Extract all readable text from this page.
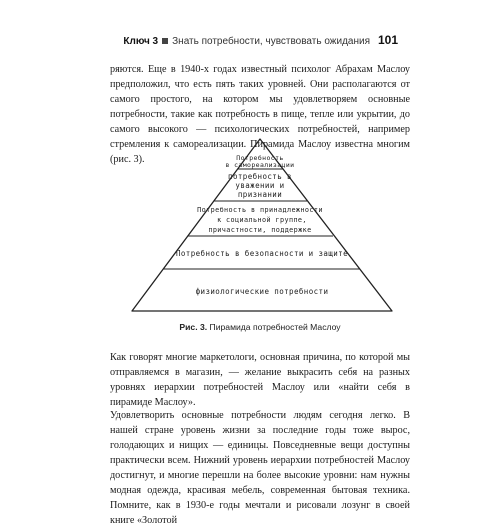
Ключ 3 Знать потребности, чувствовать ожидания 101
ряются. Еще в 1940-х годах известный психолог Абрахам Маслоу предположил, что есть пять таких уровней. Они располагаются от самого простого, на котором мы удовлетворяем основные потребности, такие как потребность в пище, тепле или укрытии, до самого высокого — психологических потребностей, например стремления к самореализации. Пирамида Маслоу известна многим (рис. 3).	Потребность
в самореализации
потребность в
уважении и
признании
Потребность в принадлежности
к социальной группе,
причастности, поддержке
Потребность в безопасности и защите
физиологические потребности
Рис. 3. Пирамида потребностей Маслоу
Как говорят многие маркетологи, основная причина, по которой мы отправляемся в магазин, — желание выкрасить себя на разных уровнях иерархии потребностей Маслоу или «найти себя в пирамиде Маслоу».
Удовлетворить основные потребности людям сегодня легко. В нашей стране уровень жизни за последние годы тоже вырос, голодающих и нищих — единицы. Повседневные вещи доступны практически всем. Нижний уровень иерархии потребностей Маслоу достигнут, и многие перешли на более высокие уровни: нам нужны модная одежда, красивая мебель, современная бытовая техника. Помните, как в 1930-е годы мечтали и рисовали лозунг в своей книге «Золотой
